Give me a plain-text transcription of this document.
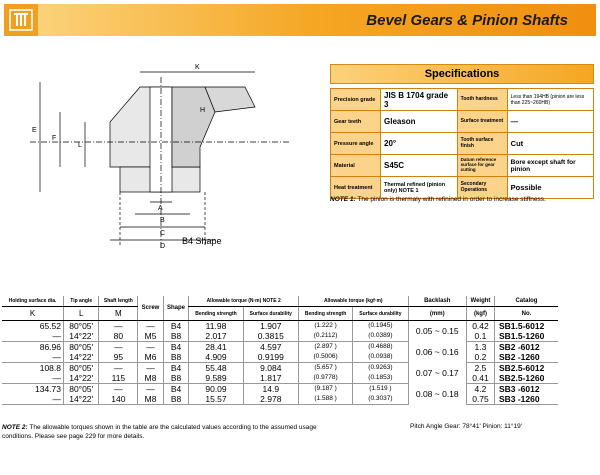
Bevel Gears & Pinion Shafts
K
H
E
F
A
B
C
D
L
B4 Shape
Specifications
Precision grade	JIS B 1704 grade 3	Tooth hardness	Less than 194HB (pinion are less than 225~260HB)
Gear teeth	Gleason	Surface treatment	—
Pressure angle	20°	Tooth surface finish	Cut
Material	S45C	Datum reference surface for gear cutting	Bore except shaft for pinion
Heat treatment	Thermal refined (pinion only) NOTE 1	Secondary Operations	Possible
NOTE 1: The pinion is thermaly with refinined in order to increase stiffness.
Holding surface dia.	Tip angle	Shaft length	Screw	Shape	Allowable torque (N·m) NOTE 2		Allowable torque (kgf·m)		Backlash	Weight	Catalog
K	L	M			Bending strength	Surface durability	Bending strength	Surface durability	(mm)	(kgf)	No.
65.52	80°05'	—	—	B4	11.98	1.907	(1.222 )	(0.1945)	0.05 ~ 0.15	0.42	SB1.5-6012
—	14°22'	80	M5	B8	2.017	0.3815	(0.2112)	(0.0389)		0.1	SB1.5-1260
86.96	80°05'	—	—	B4	28.41	4.597	(2.897 )	(0.4688)	0.06 ~ 0.16	1.3	SB2 -6012
—	14°22'	95	M6	B8	4.909	0.9199	(0.5006)	(0.0938)		0.2	SB2 -1260
108.8	80°05'	—	—	B4	55.48	9.084	(5.657 )	(0.9263)	0.07 ~ 0.17	2.5	SB2.5-6012
—	14°22'	115	M8	B8	9.589	1.817	(0.9778)	(0.1853)		0.41	SB2.5-1260
134.73	80°05'	—	—	B4	90.09	14.9	(9.187 )	(1.519 )	0.08 ~ 0.18	4.2	SB3 -6012
—	14°22'	140	M8	B8	15.57	2.978	(1.588 )	(0.3037)		0.75	SB3 -1260
NOTE 2: The allowable torques shown in the table are the calculated values according to the assumed usage conditions. Please see page 229 for more details.
Pitch Angle Gear: 78°41' Pinion: 11°19'
